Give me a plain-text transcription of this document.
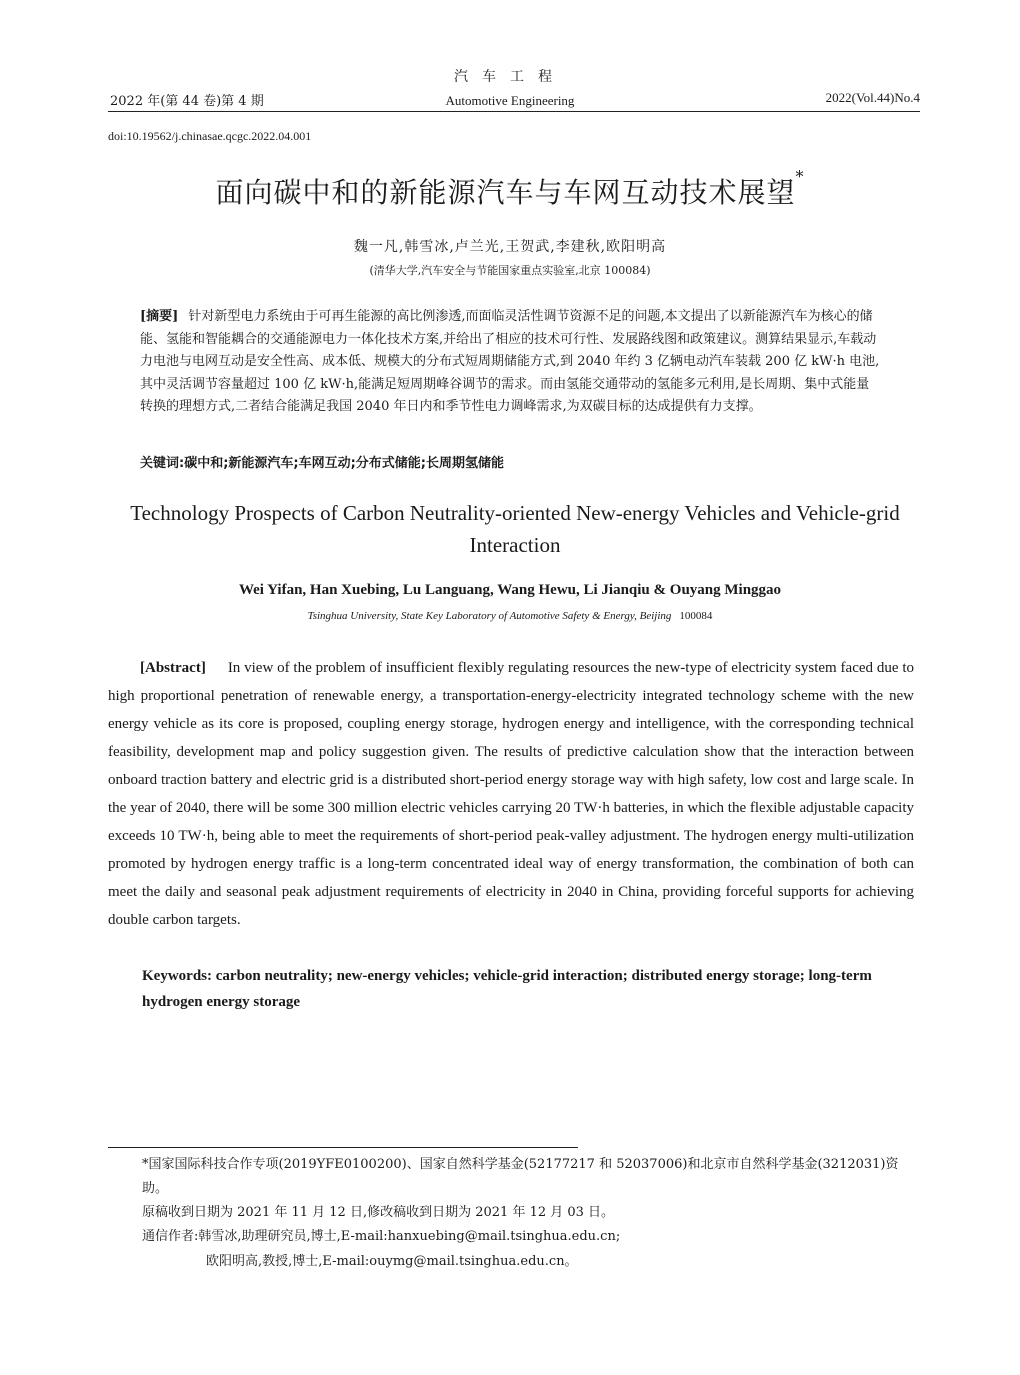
汽车工程
2022 年(第 44 卷)第 4 期	Automotive Engineering	2022(Vol.44)No.4
doi:10.19562/j.chinasae.qcgc.2022.04.001
面向碳中和的新能源汽车与车网互动技术展望*
魏一凡,韩雪冰,卢兰光,王贺武,李建秋,欧阳明高
(清华大学,汽车安全与节能国家重点实验室,北京 100084)
[摘要] 针对新型电力系统由于可再生能源的高比例渗透,而面临灵活性调节资源不足的问题,本文提出了以新能源汽车为核心的储能、氢能和智能耦合的交通能源电力一体化技术方案,并给出了相应的技术可行性、发展路线图和政策建议。测算结果显示,车载动力电池与电网互动是安全性高、成本低、规模大的分布式短周期储能方式,到 2040 年约 3 亿辆电动汽车装载 200 亿 kW·h 电池,其中灵活调节容量超过 100 亿 kW·h,能满足短周期峰谷调节的需求。而由氢能交通带动的氢能多元利用,是长周期、集中式能量转换的理想方式,二者结合能满足我国 2040 年日内和季节性电力调峰需求,为双碳目标的达成提供有力支撑。
关键词:碳中和;新能源汽车;车网互动;分布式储能;长周期氢储能
Technology Prospects of Carbon Neutrality-oriented New-energy Vehicles and Vehicle-grid Interaction
Wei Yifan, Han Xuebing, Lu Languang, Wang Hewu, Li Jianqiu & Ouyang Minggao
Tsinghua University, State Key Laboratory of Automotive Safety & Energy, Beijing 100084
[Abstract] In view of the problem of insufficient flexibly regulating resources the new-type of electricity system faced due to high proportional penetration of renewable energy, a transportation-energy-electricity integrated technology scheme with the new energy vehicle as its core is proposed, coupling energy storage, hydrogen energy and intelligence, with the corresponding technical feasibility, development map and policy suggestion given. The results of predictive calculation show that the interaction between onboard traction battery and electric grid is a distributed short-period energy storage way with high safety, low cost and large scale. In the year of 2040, there will be some 300 million electric vehicles carrying 20 TW·h batteries, in which the flexible adjustable capacity exceeds 10 TW·h, being able to meet the requirements of short-period peak-valley adjustment. The hydrogen energy multi-utilization promoted by hydrogen energy traffic is a long-term concentrated ideal way of energy transformation, the combination of both can meet the daily and seasonal peak adjustment requirements of electricity in 2040 in China, providing forceful supports for achieving double carbon targets.
Keywords: carbon neutrality; new-energy vehicles; vehicle-grid interaction; distributed energy storage; long-term hydrogen energy storage
*国家国际科技合作专项(2019YFE0100200)、国家自然科学基金(52177217 和 52037006)和北京市自然科学基金(3212031)资助。
原稿收到日期为 2021 年 11 月 12 日,修改稿收到日期为 2021 年 12 月 03 日。
通信作者:韩雪冰,助理研究员,博士,E-mail:hanxuebing@mail.tsinghua.edu.cn;
欧阳明高,教授,博士,E-mail:ouymg@mail.tsinghua.edu.cn。
